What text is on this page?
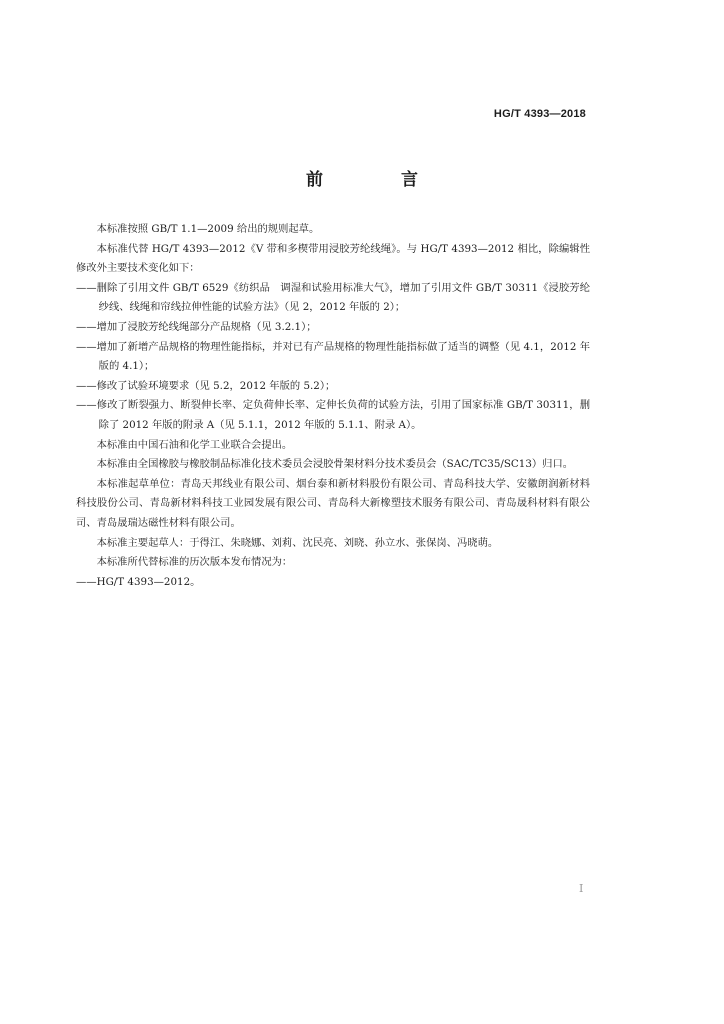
HG/T 4393—2018
前 言

本标准按照 GB/T 1.1—2009 给出的规则起草。

本标准代替 HG/T 4393—2012《V 带和多楔带用浸胶芳纶线绳》。与 HG/T 4393—2012 相比，除编辑性修改外主要技术变化如下：

——删除了引用文件 GB/T 6529《纺织品　调湿和试验用标准大气》，增加了引用文件 GB/T 30311《浸胶芳纶纱线、线绳和帘线拉伸性能的试验方法》（见 2，2012 年版的 2）；

——增加了浸胶芳纶线绳部分产品规格（见 3.2.1）；

——增加了新增产品规格的物理性能指标，并对已有产品规格的物理性能指标做了适当的调整（见 4.1，2012 年版的 4.1）；

——修改了试验环境要求（见 5.2，2012 年版的 5.2）；

——修改了断裂强力、断裂伸长率、定负荷伸长率、定伸长负荷的试验方法，引用了国家标准 GB/T 30311，删除了 2012 年版的附录 A（见 5.1.1，2012 年版的 5.1.1、附录 A）。

本标准由中国石油和化学工业联合会提出。

本标准由全国橡胶与橡胶制品标准化技术委员会浸胶骨架材料分技术委员会（SAC/TC35/SC13）归口。

本标准起草单位：青岛天邦线业有限公司、烟台泰和新材料股份有限公司、青岛科技大学、安徽朗润新材料科技股份公司、青岛新材料科技工业园发展有限公司、青岛科大新橡塑技术服务有限公司、青岛晟科材料有限公司、青岛晟瑞达磁性材料有限公司。

本标准主要起草人：于得江、朱晓娜、刘莉、沈民亮、刘晓、孙立水、张保岗、冯晓萌。

本标准所代替标准的历次版本发布情况为：

——HG/T 4393—2012。

I
